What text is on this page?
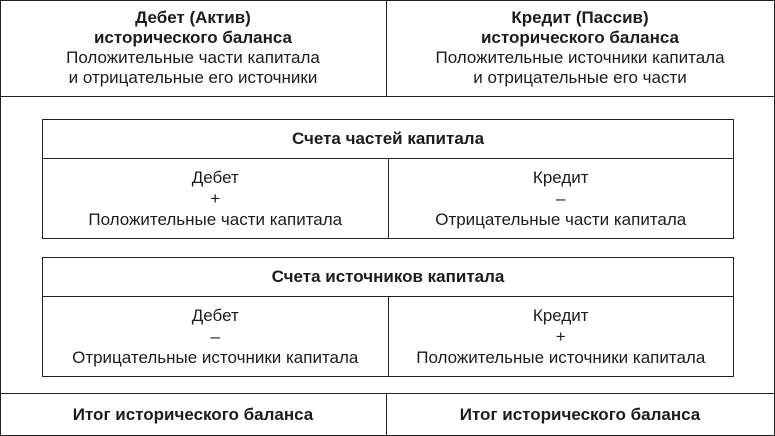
Дебет (Актив)
исторического баланса
Положительные части капитала
и отрицательные его источники
Кредит (Пассив)
исторического баланса
Положительные источники капитала
и отрицательные его части
Счета частей капитала
Дебет
+
Положительные части капитала
Кредит
–
Отрицательные части капитала
Счета источников капитала
Дебет
–
Отрицательные источники капитала
Кредит
+
Положительные источники капитала
Итог исторического баланса	Итог исторического баланса
